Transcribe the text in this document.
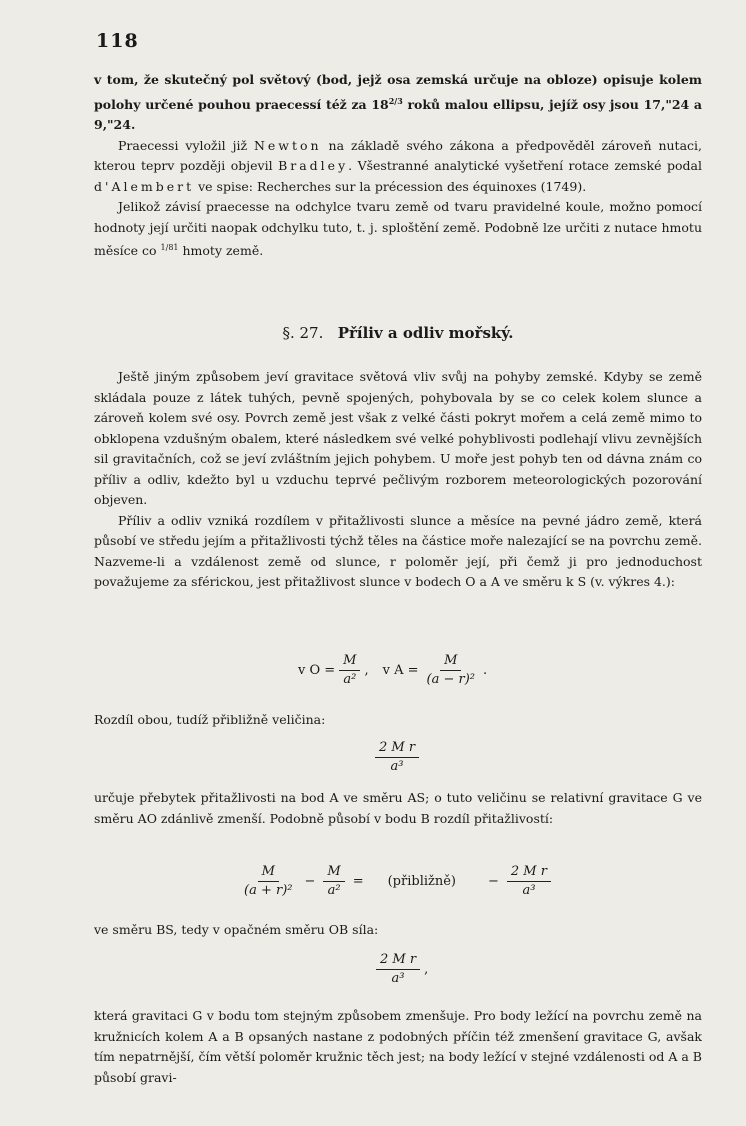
118

v tom, že skutečný pol světový (bod, jejž osa zemská určuje na obloze) opisuje kolem polohy určené pouhou praecessí též za $18^{2/3}$ roků malou ellipsu, jejíž osy jsou 17,"24 a 9,"24.

Praecessi vyložil již Newton na základě svého zákona a předpověděl zároveň nutaci, kterou teprv později objevil Bradley. Všestranné analytické vyšetření rotace zemské podal d'Alembert ve spise: Recherches sur la précession des équinoxes (1749).

Jelikož závisí praecesse na odchylce tvaru země od tvaru pravidelné koule, možno pomocí hodnoty její určiti naopak odchylku tuto, t. j. sploštění země. Podobně lze určiti z nutace hmotu měsíce co $^{1/81}$ hmoty země.

§. 27. Příliv a odliv mořský.

Ještě jiným způsobem jeví gravitace světová vliv svůj na pohyby zemské. Kdyby se země skládala pouze z látek tuhých, pevně spojených, pohybovala by se co celek kolem slunce a zároveň kolem své osy. Povrch země jest však z velké části pokryt mořem a celá země mimo to obklopena vzdušným obalem, které následkem své velké pohyblivosti podlehají vlivu zevnějších sil gravitačních, což se jeví zvláštním jejich pohybem. U moře jest pohyb ten od dávna znám co příliv a odliv, kdežto byl u vzduchu teprvé pečlivým rozborem meteorologických pozorování objeven.

Příliv a odliv vzniká rozdílem v přitažlivosti slunce a měsíce na pevné jádro země, která působí ve středu jejím a přitažlivosti týchž těles na částice moře nalezající se na povrchu země. Nazveme-li a vzdálenost země od slunce, r poloměr její, při čemž ji pro jednoduchost považujeme za sférickou, jest přitažlivost slunce v bodech O a A ve směru k S (v. výkres 4.):

v $O = \frac{M}{\text{a²}}$ , v $A = \frac{M}{\text{(a − r)²}}$ .

Rozdíl obou, tudíž přibližně veličina:

$\frac{\text{2 M r}}{\text{a³}}$

určuje přebytek přitažlivosti na bod A ve směru AS; o tuto veličinu se relativní gravitace G ve směru AO zdánlivě zmenší. Podobně působí v bodu B rozdíl přitažlivostí:

$\frac{M}{\text{(a + r)²}} - \frac{M}{\text{a²}}$ = (přibližně) − $\frac{\text{2 M r}}{\text{a³}}$

ve směru BS, tedy v opačném směru OB síla:

$\frac{\text{2 M r}}{\text{a³}}$ ,

která gravitaci G v bodu tom stejným způsobem zmenšuje. Pro body ležící na povrchu země na kružnicích kolem A a B opsaných nastane z podobných příčin též zmenšení gravitace G, avšak tím nepatrnější, čím větší poloměr kružnic těch jest; na body ležící v stejné vzdálenosti od A a B působí gravi-
